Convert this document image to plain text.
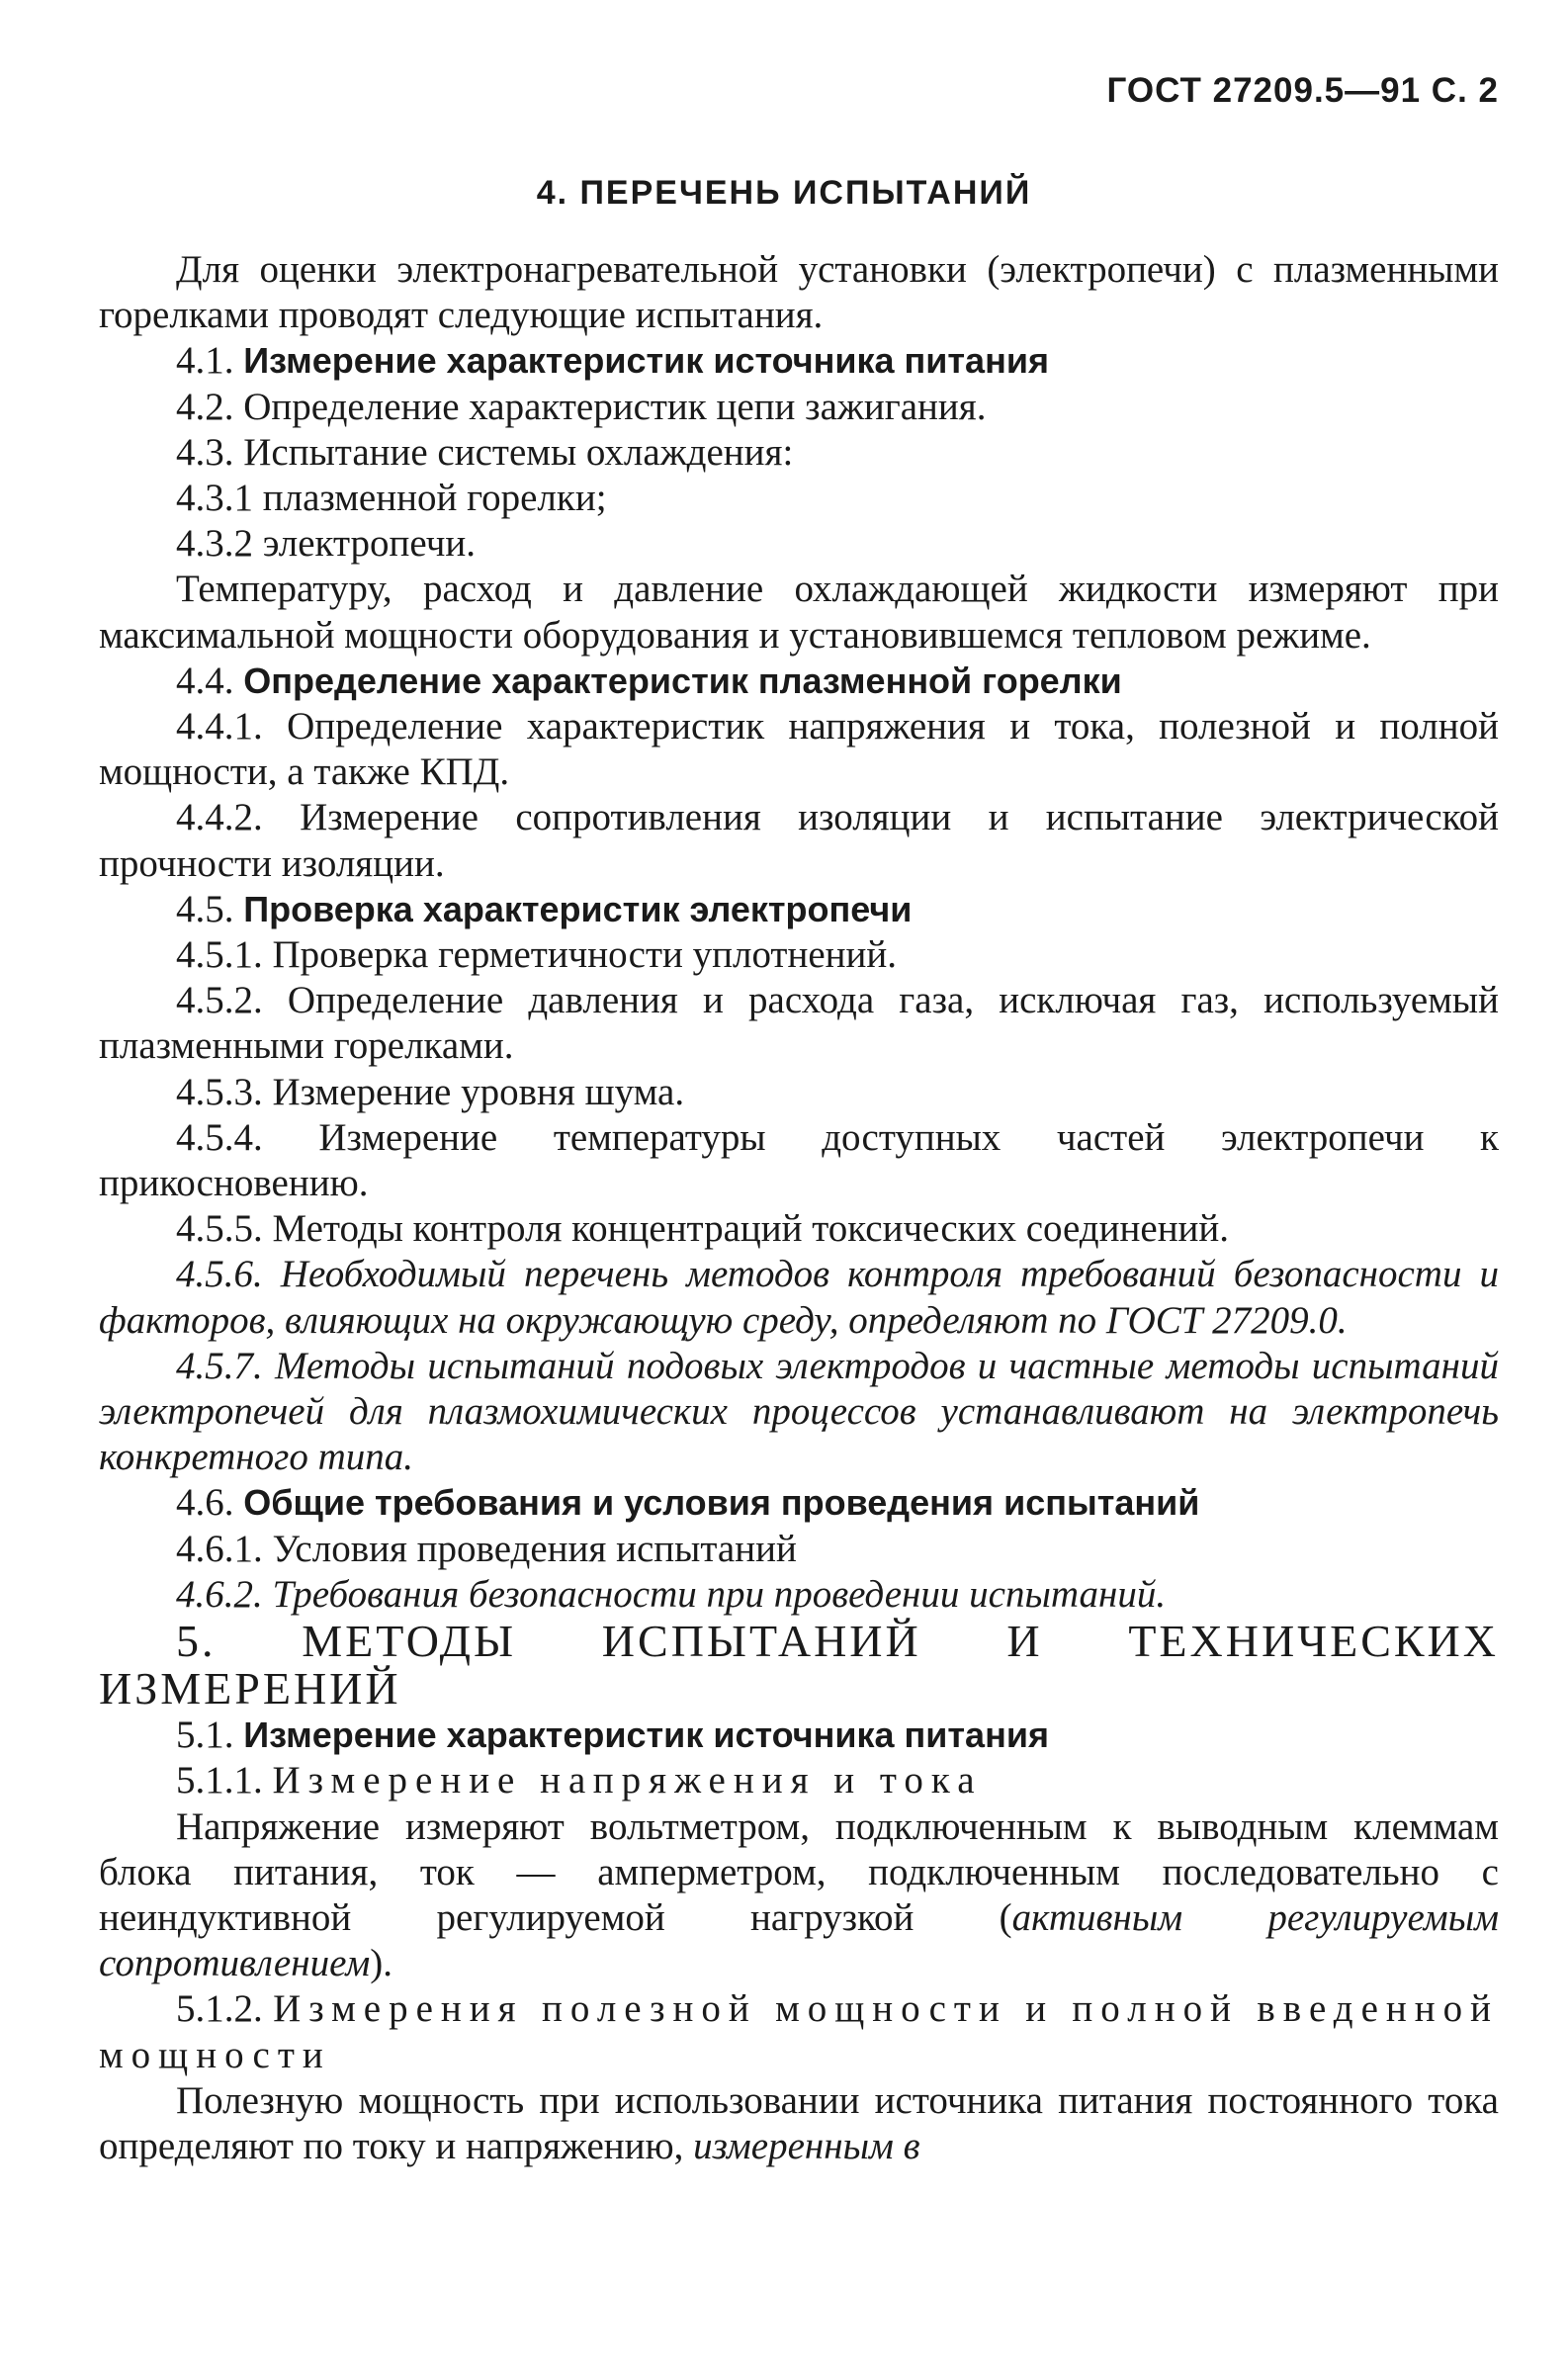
ГОСТ 27209.5—91 С. 2
4. ПЕРЕЧЕНЬ ИСПЫТАНИЙ

Для оценки электронагревательной установки (электропечи) с плазменными горелками проводят следующие испытания.

4.1. Измерение характеристик источника питания

4.2. Определение характеристик цепи зажигания.

4.3. Испытание системы охлаждения:

4.3.1 плазменной горелки;

4.3.2 электропечи.

Температуру, расход и давление охлаждающей жидкости измеряют при максимальной мощности оборудования и установившемся тепловом режиме.

4.4. Определение характеристик плазменной горелки

4.4.1. Определение характеристик напряжения и тока, полезной и полной мощности, а также КПД.

4.4.2. Измерение сопротивления изоляции и испытание электрической прочности изоляции.

4.5. Проверка характеристик электропечи

4.5.1. Проверка герметичности уплотнений.

4.5.2. Определение давления и расхода газа, исключая газ, используемый плазменными горелками.

4.5.3. Измерение уровня шума.

4.5.4. Измерение температуры доступных частей электропечи к прикосновению.

4.5.5. Методы контроля концентраций токсических соединений.

4.5.6. Необходимый перечень методов контроля требований безопасности и факторов, влияющих на окружающую среду, определяют по ГОСТ 27209.0.

4.5.7. Методы испытаний подовых электродов и частные методы испытаний электропечей для плазмохимических процессов устанавливают на электропечь конкретного типа.

4.6. Общие требования и условия проведения испытаний

4.6.1. Условия проведения испытаний

4.6.2. Требования безопасности при проведении испытаний.

5. МЕТОДЫ ИСПЫТАНИЙ И ТЕХНИЧЕСКИХ ИЗМЕРЕНИЙ

5.1. Измерение характеристик источника питания

5.1.1. Измерение напряжения и тока

Напряжение измеряют вольтметром, подключенным к выводным клеммам блока питания, ток — амперметром, подключенным последовательно с неиндуктивной регулируемой нагрузкой (активным регулируемым сопротивлением).

5.1.2. Измерения полезной мощности и полной введенной мощности

Полезную мощность при использовании источника питания постоянного тока определяют по току и напряжению, измеренным в
